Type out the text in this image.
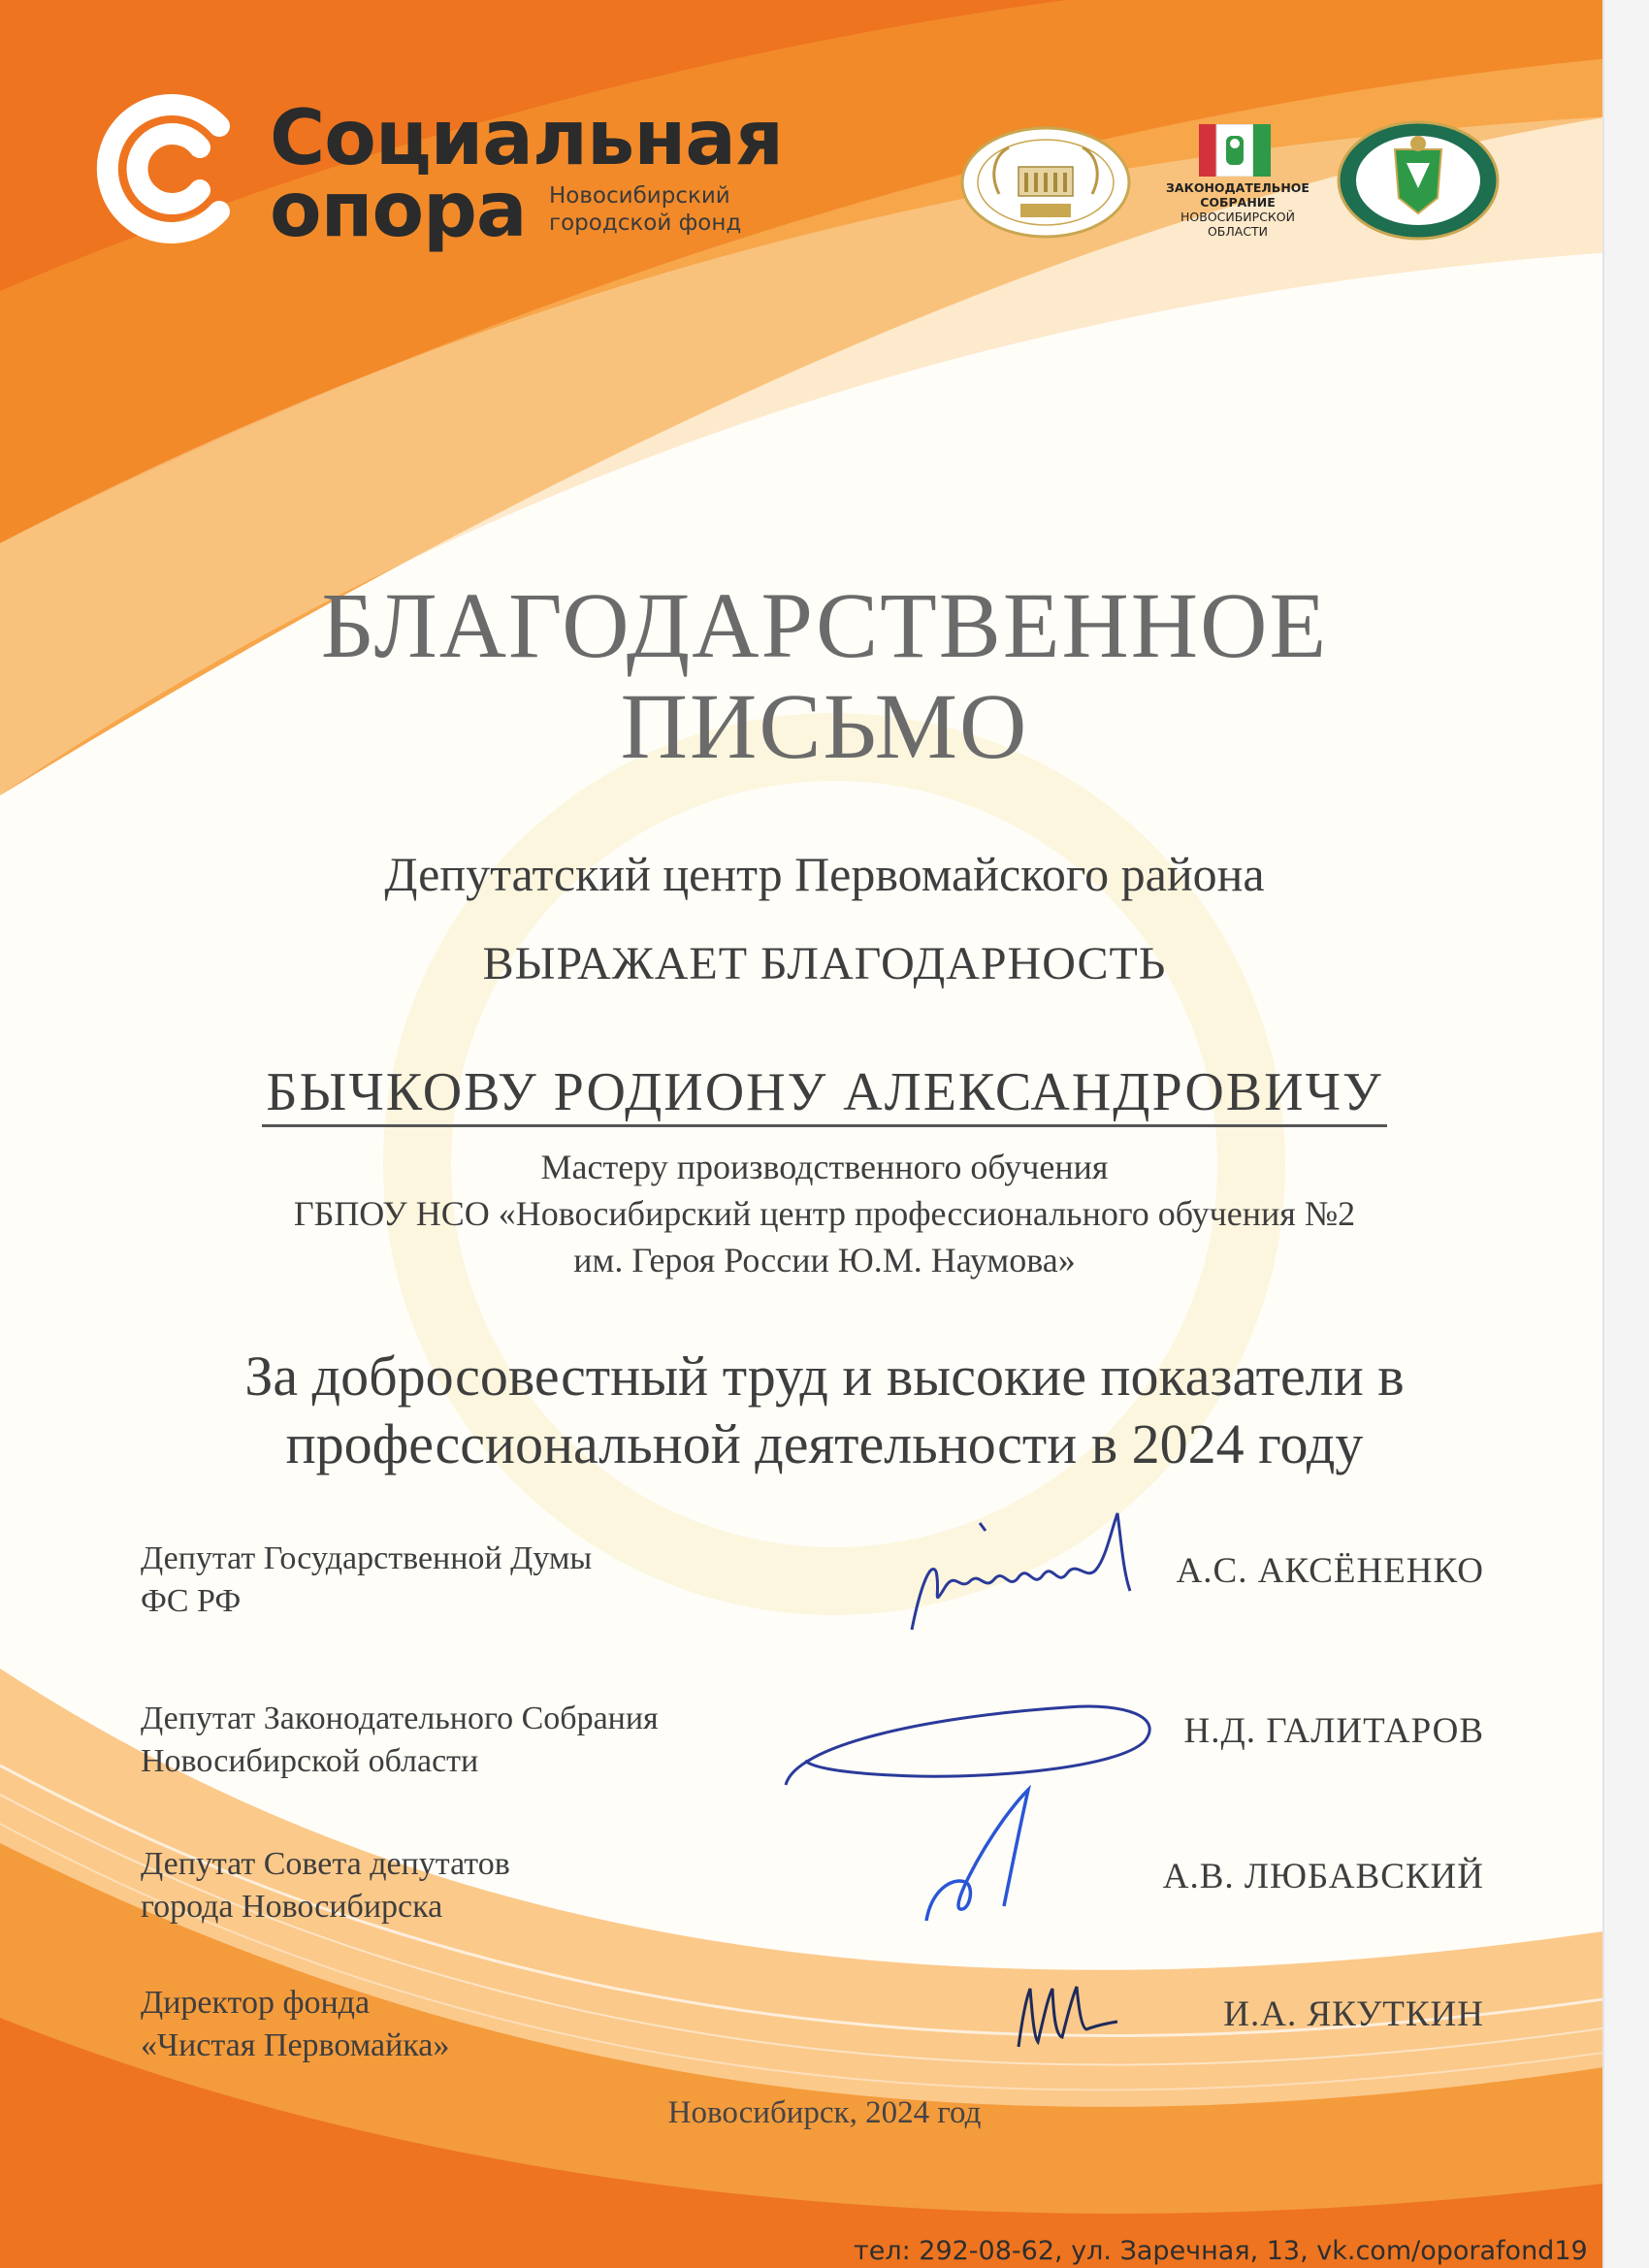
Социальная
опора Новосибирский
городской фонд
ЗАКОНОДАТЕЛЬНОЕ
СОБРАНИЕ
НОВОСИБИРСКОЙ
ОБЛАСТИ
БЛАГОДАРСТВЕННОЕ
ПИСЬМО
Депутатский центр Первомайского района
ВЫРАЖАЕТ БЛАГОДАРНОСТЬ
БЫЧКОВУ РОДИОНУ АЛЕКСАНДРОВИЧУ
Мастеру производственного обучения
ГБПОУ НСО «Новосибирский центр профессионального обучения №2
им. Героя России Ю.М. Наумова»
За добросовестный труд и высокие показатели в
профессиональной деятельности в 2024 году
Депутат Государственной Думы
ФС РФ
А.С. АКСЁНЕНКО
Депутат Законодательного Собрания
Новосибирской области
Н.Д. ГАЛИТАРОВ
Депутат Совета депутатов
города Новосибирска
А.В. ЛЮБАВСКИЙ
Директор фонда
«Чистая Первомайка»
И.А. ЯКУТКИН
Новосибирск, 2024 год
тел: 292-08-62, ул. Заречная, 13, vk.com/oporafond19
